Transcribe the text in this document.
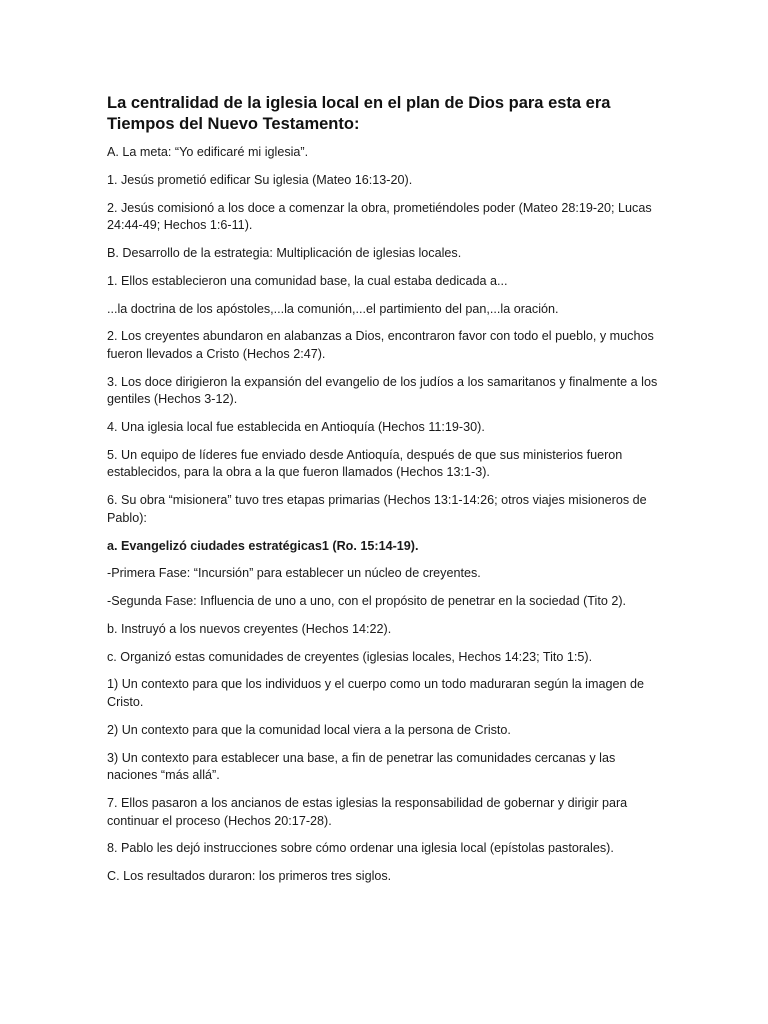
La centralidad de la iglesia local en el plan de Dios para esta era Tiempos del Nuevo Testamento:

A. La meta: “Yo edificaré mi iglesia”.

1. Jesús prometió edificar Su iglesia (Mateo 16:13-20).

2. Jesús comisionó a los doce a comenzar la obra, prometiéndoles poder (Mateo 28:19-20; Lucas 24:44-49; Hechos 1:6-11).

B. Desarrollo de la estrategia: Multiplicación de iglesias locales.

1. Ellos establecieron una comunidad base, la cual estaba dedicada a...

...la doctrina de los apóstoles,...la comunión,...el partimiento del pan,...la oración.

2. Los creyentes abundaron en alabanzas a Dios, encontraron favor con todo el pueblo, y muchos fueron llevados a Cristo (Hechos 2:47).

3. Los doce dirigieron la expansión del evangelio de los judíos a los samaritanos y finalmente a los gentiles (Hechos 3-12).

4. Una iglesia local fue establecida en Antioquía (Hechos 11:19-30).

5. Un equipo de líderes fue enviado desde Antioquía, después de que sus ministerios fueron establecidos, para la obra a la que fueron llamados (Hechos 13:1-3).

6. Su obra “misionera” tuvo tres etapas primarias (Hechos 13:1-14:26; otros viajes misioneros de Pablo):

a. Evangelizó ciudades estratégicas1 (Ro. 15:14-19).

-Primera Fase: “Incursión” para establecer un núcleo de creyentes.

-Segunda Fase: Influencia de uno a uno, con el propósito de penetrar en la sociedad (Tito 2).

b. Instruyó a los nuevos creyentes (Hechos 14:22).

c. Organizó estas comunidades de creyentes (iglesias locales, Hechos 14:23; Tito 1:5).

1) Un contexto para que los individuos y el cuerpo como un todo maduraran según la imagen de Cristo.

2) Un contexto para que la comunidad local viera a la persona de Cristo.

3) Un contexto para establecer una base, a fin de penetrar las comunidades cercanas y las naciones “más allá”.

7. Ellos pasaron a los ancianos de estas iglesias la responsabilidad de gobernar y dirigir para continuar el proceso (Hechos 20:17-28).

8. Pablo les dejó instrucciones sobre cómo ordenar una iglesia local (epístolas pastorales).

C. Los resultados duraron: los primeros tres siglos.
